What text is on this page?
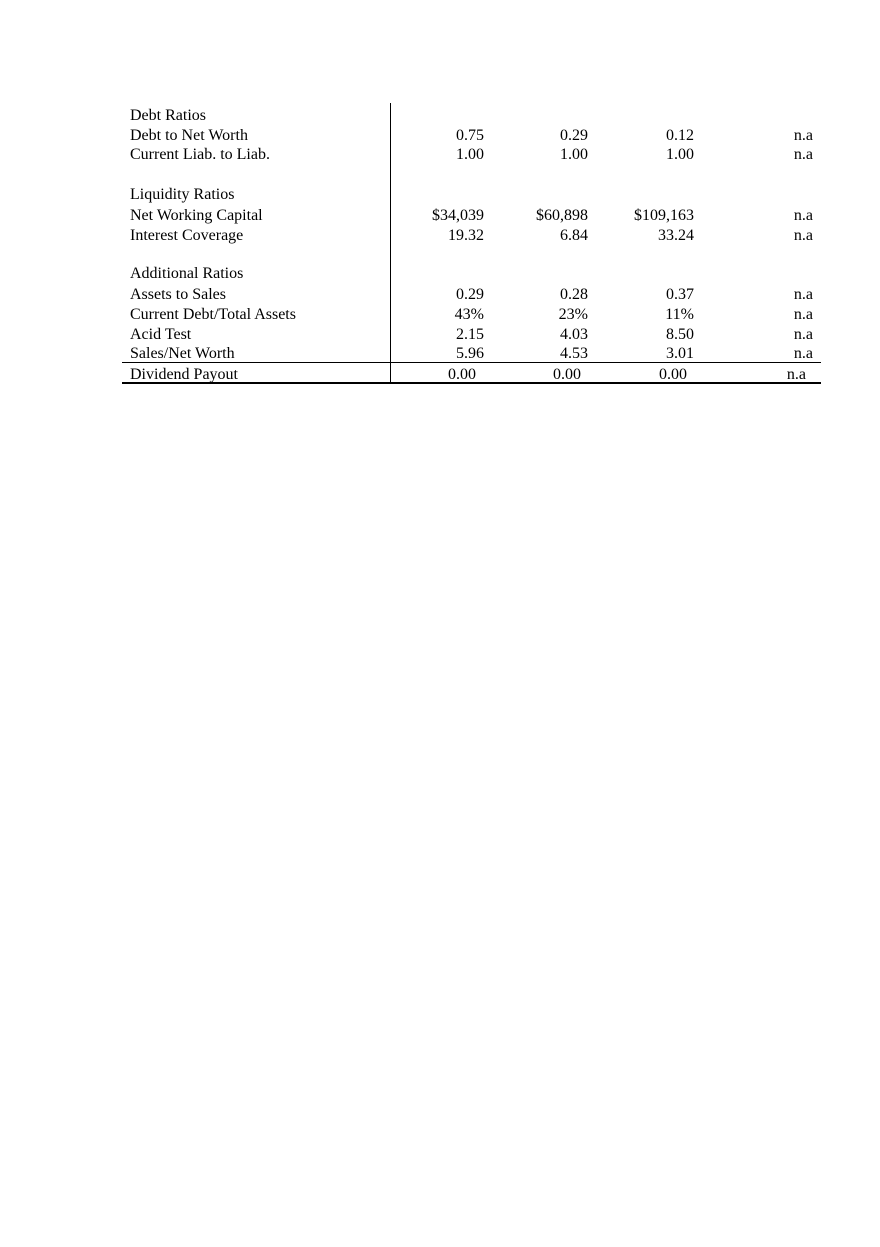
Debt Ratios
Debt to Net Worth	0.75	0.29	0.12	n.a
Current Liab. to Liab.	1.00	1.00	1.00	n.a
Liquidity Ratios
Net Working Capital	$34,039	$60,898	$109,163	n.a
Interest Coverage	19.32	6.84	33.24	n.a
Additional Ratios
Assets to Sales	0.29	0.28	0.37	n.a
Current Debt/Total Assets	43%	23%	11%	n.a
Acid Test	2.15	4.03	8.50	n.a
Sales/Net Worth	5.96	4.53	3.01	n.a
Dividend Payout	0.00	0.00	0.00	n.a
